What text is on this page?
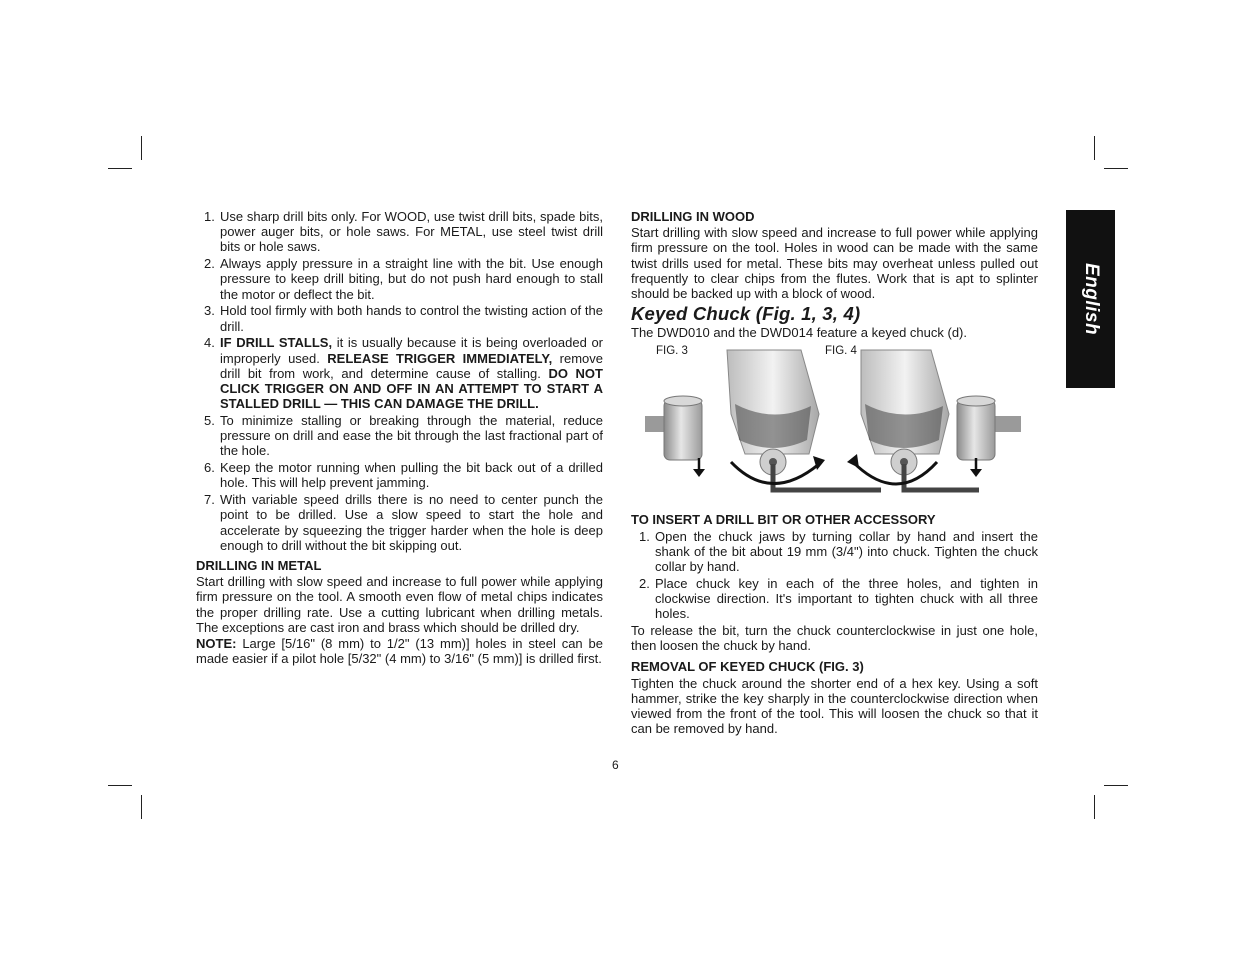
1. Use sharp drill bits only. For WOOD, use twist drill bits, spade bits, power auger bits, or hole saws. For METAL, use steel twist drill bits or hole saws.
2. Always apply pressure in a straight line with the bit. Use enough pressure to keep drill biting, but do not push hard enough to stall the motor or deflect the bit.
3. Hold tool firmly with both hands to control the twisting action of the drill.
4. IF DRILL STALLS, it is usually because it is being overloaded or improperly used. RELEASE TRIGGER IMMEDIATELY, remove drill bit from work, and determine cause of stalling. DO NOT CLICK TRIGGER ON AND OFF IN AN ATTEMPT TO START A STALLED DRILL — THIS CAN DAMAGE THE DRILL.
5. To minimize stalling or breaking through the material, reduce pressure on drill and ease the bit through the last fractional part of the hole.
6. Keep the motor running when pulling the bit back out of a drilled hole. This will help prevent jamming.
7. With variable speed drills there is no need to center punch the point to be drilled. Use a slow speed to start the hole and accelerate by squeezing the trigger harder when the hole is deep enough to drill without the bit skipping out.
DRILLING IN METAL

Start drilling with slow speed and increase to full power while applying firm pressure on the tool. A smooth even flow of metal chips indicates the proper drilling rate. Use a cutting lubricant when drilling metals. The exceptions are cast iron and brass which should be drilled dry.

NOTE: Large [5/16" (8 mm) to 1/2" (13 mm)] holes in steel can be made easier if a pilot hole [5/32" (4 mm) to 3/16" (5 mm)] is drilled first.

DRILLING IN WOOD

Start drilling with slow speed and increase to full power while applying firm pressure on the tool. Holes in wood can be made with the same twist drills used for metal. These bits may overheat unless pulled out frequently to clear chips from the flutes. Work that is apt to splinter should be backed up with a block of wood.

Keyed Chuck (Fig. 1, 3, 4)

The DWD010 and the DWD014 feature a keyed chuck (d).

FIG. 3	FIG. 4
TO INSERT A DRILL BIT OR OTHER ACCESSORY
1. Open the chuck jaws by turning collar by hand and insert the shank of the bit about 19 mm (3/4") into chuck. Tighten the chuck collar by hand.
2. Place chuck key in each of the three holes, and tighten in clockwise direction. It's important to tighten chuck with all three holes.

To release the bit, turn the chuck counterclockwise in just one hole, then loosen the chuck by hand.

REMOVAL OF KEYED CHUCK (FIG. 3)

Tighten the chuck around the shorter end of a hex key. Using a soft hammer, strike the key sharply in the counterclockwise direction when viewed from the front of the tool. This will loosen the chuck so that it can be removed by hand.

English
6
